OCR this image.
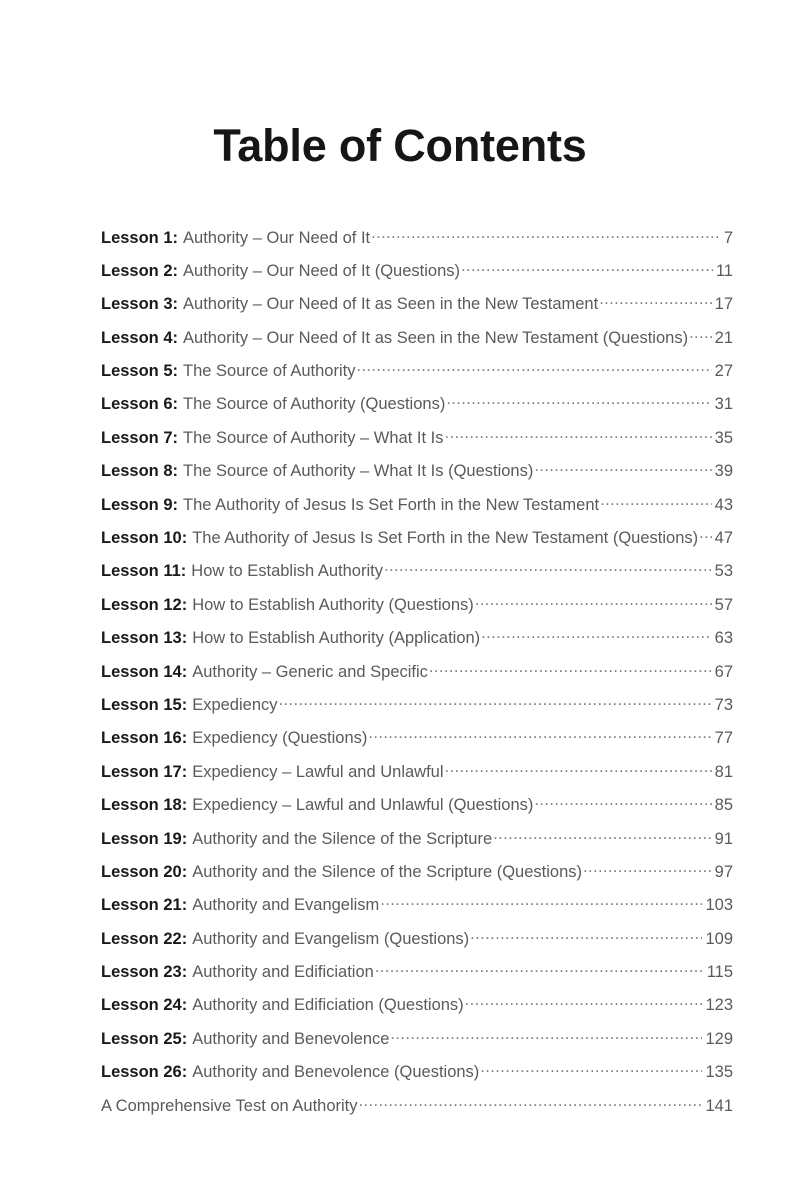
Table of Contents
Lesson 1: Authority – Our Need of It .....	7
Lesson 2: Authority – Our Need of It (Questions) .....	11
Lesson 3: Authority – Our Need of It as Seen in the New Testament .....	17
Lesson 4: Authority – Our Need of It as Seen in the New Testament (Questions) ..... 21
Lesson 5: The Source of Authority .....	27
Lesson 6: The Source of Authority (Questions) .....	31
Lesson 7: The Source of Authority – What It Is .....	35
Lesson 8: The Source of Authority – What It Is (Questions) .....	39
Lesson 9: The Authority of Jesus Is Set Forth in the New Testament .....	43
Lesson 10: The Authority of Jesus Is Set Forth in the New Testament (Questions) ..... 47
Lesson 11: How to Establish Authority .....	53
Lesson 12: How to Establish Authority (Questions) .....	57
Lesson 13: How to Establish Authority (Application) .....	63
Lesson 14: Authority – Generic and Specific .....	67
Lesson 15: Expediency .....	73
Lesson 16: Expediency (Questions) .....	77
Lesson 17: Expediency – Lawful and Unlawful .....	81
Lesson 18: Expediency – Lawful and Unlawful (Questions) .....	85
Lesson 19: Authority and the Silence of the Scripture .....	91
Lesson 20: Authority and the Silence of the Scripture (Questions) .....	97
Lesson 21: Authority and Evangelism .....	103
Lesson 22: Authority and Evangelism (Questions) .....	109
Lesson 23: Authority and Edificiation .....	115
Lesson 24: Authority and Edificiation (Questions) .....	123
Lesson 25: Authority and Benevolence .....	129
Lesson 26: Authority and Benevolence (Questions) .....	135
A Comprehensive Test on Authority .....	141
